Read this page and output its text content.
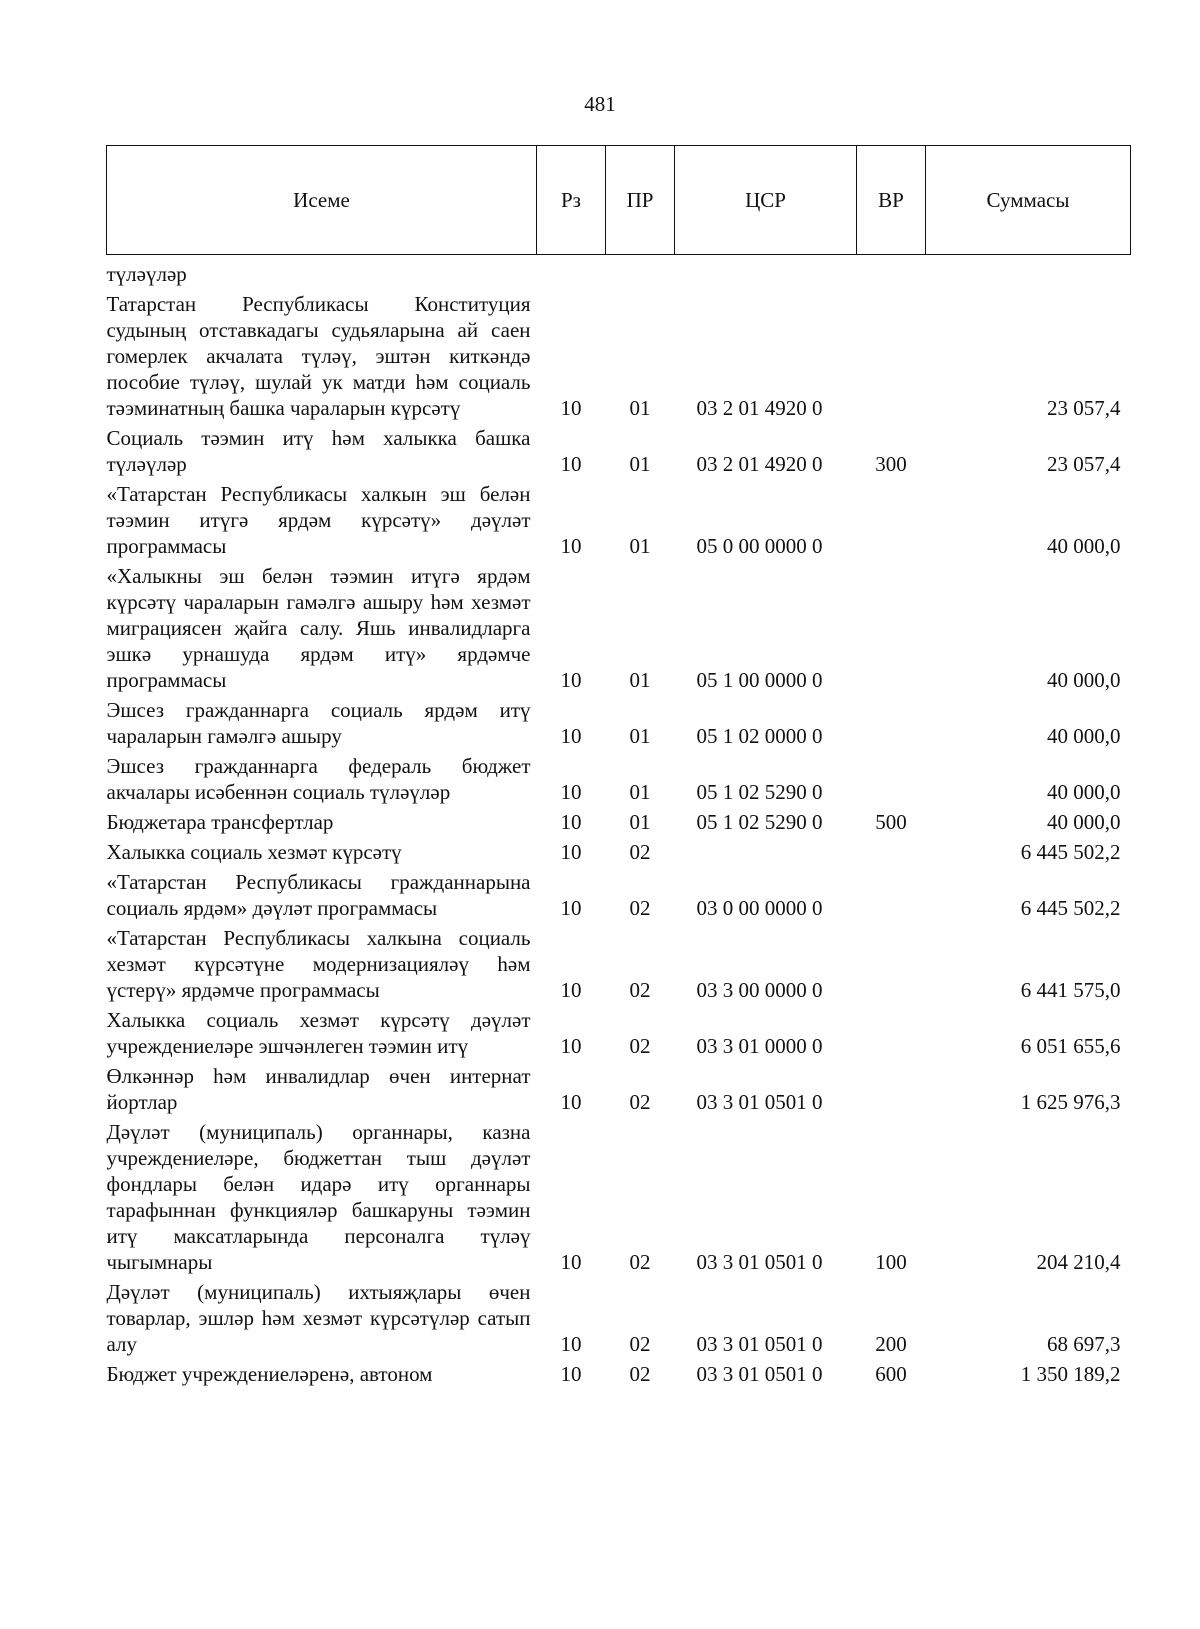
481
Исеме	Рз	ПР	ЦСР	ВР	Суммасы
түләүләр					
Татарстан Республикасы Конституция судының отставкадагы судьяларына ай саен гомерлек акчалата түләү, эштән киткәндә пособие түләү, шулай ук матди һәм социаль тәэминатның башка чараларын күрсәтү	10	01	03 2 01 4920 0		23 057,4
Социаль тәэмин итү һәм халыкка башка түләүләр	10	01	03 2 01 4920 0	300	23 057,4
«Татарстан Республикасы халкын эш белән тәэмин итүгә ярдәм күрсәтү» дәүләт программасы	10	01	05 0 00 0000 0		40 000,0
«Халыкны эш белән тәэмин итүгә ярдәм күрсәтү чараларын гамәлгә ашыру һәм хезмәт миграциясен җайга салу. Яшь инвалидларга эшкә урнашуда ярдәм итү» ярдәмче программасы	10	01	05 1 00 0000 0		40 000,0
Эшсез гражданнарга социаль ярдәм итү чараларын гамәлгә ашыру	10	01	05 1 02 0000 0		40 000,0
Эшсез гражданнарга федераль бюджет акчалары исәбеннән социаль түләүләр	10	01	05 1 02 5290 0		40 000,0
Бюджетара трансфертлар	10	01	05 1 02 5290 0	500	40 000,0
Халыкка социаль хезмәт күрсәтү	10	02			6 445 502,2
«Татарстан Республикасы гражданнарына социаль ярдәм» дәүләт программасы	10	02	03 0 00 0000 0		6 445 502,2
«Татарстан Республикасы халкына социаль хезмәт күрсәтүне модернизацияләү һәм үстерү» ярдәмче программасы	10	02	03 3 00 0000 0		6 441 575,0
Халыкка социаль хезмәт күрсәтү дәүләт учреждениеләре эшчәнлеген тәэмин итү	10	02	03 3 01 0000 0		6 051 655,6
Өлкәннәр һәм инвалидлар өчен интернат йортлар	10	02	03 3 01 0501 0		1 625 976,3
Дәүләт (муниципаль) органнары, казна учреждениеләре, бюджеттан тыш дәүләт фондлары белән идарә итү органнары тарафыннан функцияләр башкаруны тәэмин итү максатларында персоналга түләү чыгымнары	10	02	03 3 01 0501 0	100	204 210,4
Дәүләт (муниципаль) ихтыяҗлары өчен товарлар, эшләр һәм хезмәт күрсәтүләр сатып алу	10	02	03 3 01 0501 0	200	68 697,3
Бюджет учреждениеләренә, автоном	10	02	03 3 01 0501 0	600	1 350 189,2
